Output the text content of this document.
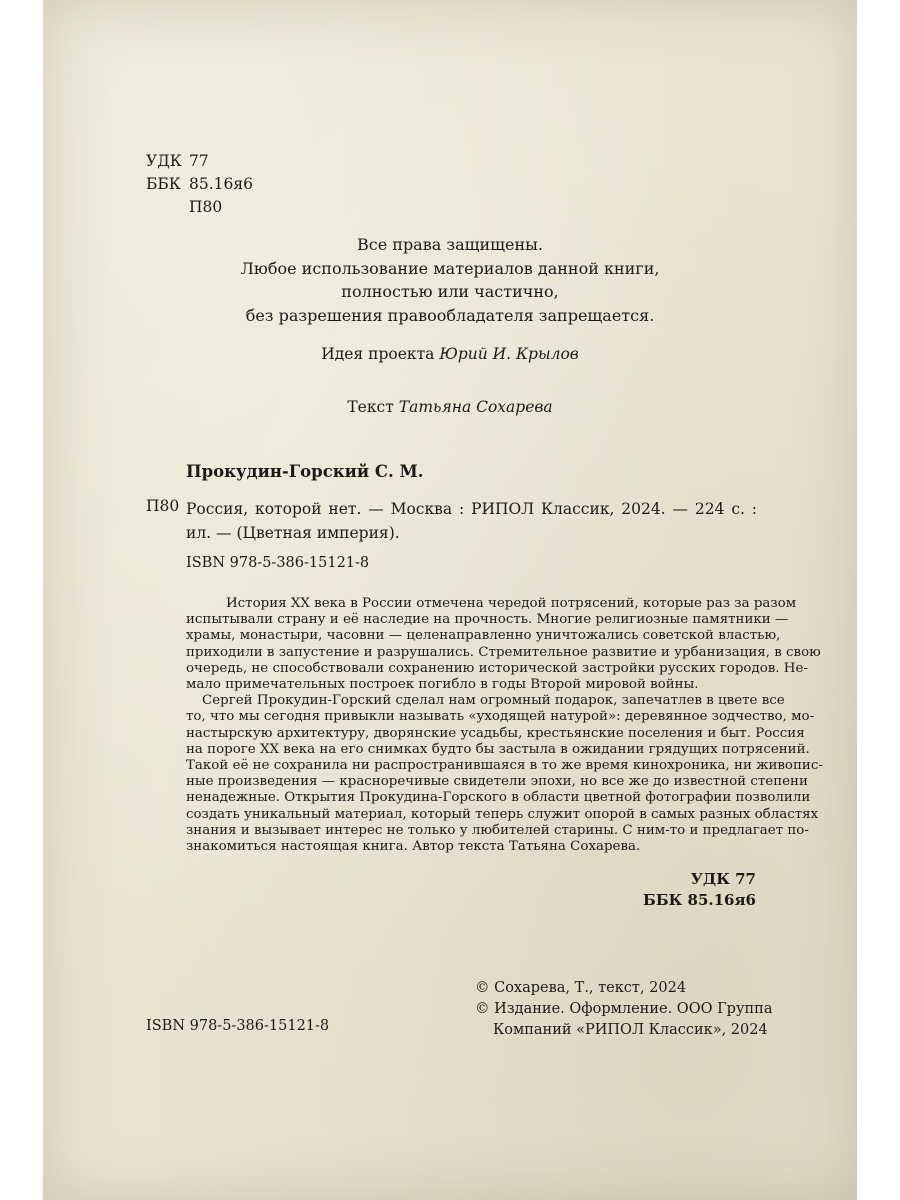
УДК 77
ББК 85.16я6
П80
Все права защищены.
Любое использование материалов данной книги,
полностью или частично,
без разрешения правообладателя запрещается.
Идея проекта Юрий И. Крылов
Текст Татьяна Сохарева
Прокудин-Горский С. М.
П80 Россия, которой нет. — Москва : РИПОЛ Классик, 2024. — 224 с. :
ил. — (Цветная империя).
ISBN 978-5-386-15121-8
История XX века в России отмечена чередой потрясений, которые раз за разом
испытывали страну и её наследие на прочность. Многие религиозные памятники —
храмы, монастыри, часовни — целенаправленно уничтожались советской властью,
приходили в запустение и разрушались. Стремительное развитие и урбанизация, в свою
очередь, не способствовали сохранению исторической застройки русских городов. Не-
мало примечательных построек погибло в годы Второй мировой войны.
Сергей Прокудин-Горский сделал нам огромный подарок, запечатлев в цвете все
то, что мы сегодня привыкли называть «уходящей натурой»: деревянное зодчество, мо-
настырскую архитектуру, дворянские усадьбы, крестьянские поселения и быт. Россия
на пороге XX века на его снимках будто бы застыла в ожидании грядущих потрясений.
Такой её не сохранила ни распространившаяся в то же время кинохроника, ни живопис-
ные произведения — красноречивые свидетели эпохи, но все же до известной степени
ненадежные. Открытия Прокудина-Горского в области цветной фотографии позволили
создать уникальный материал, который теперь служит опорой в самых разных областях
знания и вызывает интерес не только у любителей старины. С ним-то и предлагает по-
знакомиться настоящая книга. Автор текста Татьяна Сохарева.
УДК 77
ББК 85.16я6
© Сохарева, Т., текст, 2024
© Издание. Оформление. ООО Группа
Компаний «РИПОЛ Классик», 2024
ISBN 978-5-386-15121-8
